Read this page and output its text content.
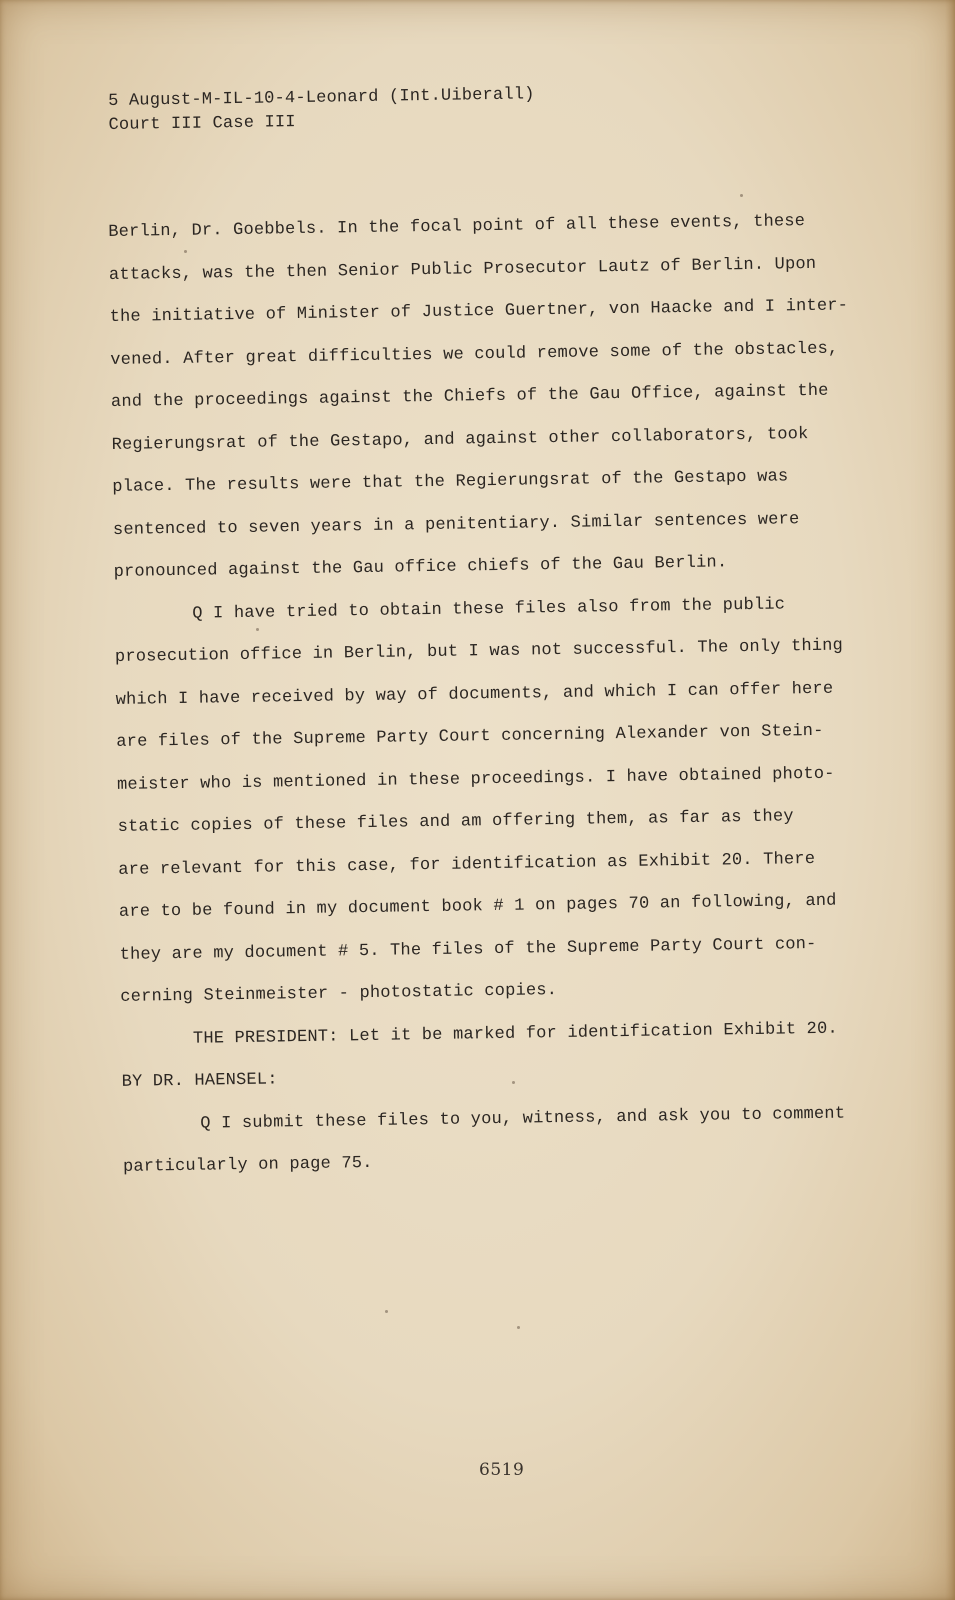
5 August-M-IL-10-4-Leonard (Int.Uiberall)
Court III Case III
Berlin, Dr. Goebbels. In the focal point of all these events, these
attacks, was the then Senior Public Prosecutor Lautz of Berlin. Upon
the initiative of Minister of Justice Guertner, von Haacke and I inter-
vened. After great difficulties we could remove some of the obstacles,
and the proceedings against the Chiefs of the Gau Office, against the
Regierungsrat of the Gestapo, and against other collaborators, took
place. The results were that the Regierungsrat of the Gestapo was
sentenced to seven years in a penitentiary. Similar sentences were
pronounced against the Gau office chiefs of the Gau Berlin.
Q I have tried to obtain these files also from the public
prosecution office in Berlin, but I was not successful. The only thing
which I have received by way of documents, and which I can offer here
are files of the Supreme Party Court concerning Alexander von Stein-
meister who is mentioned in these proceedings. I have obtained photo-
static copies of these files and am offering them, as far as they
are relevant for this case, for identification as Exhibit 20. There
are to be found in my document book # 1 on pages 70 an following, and
they are my document # 5. The files of the Supreme Party Court con-
cerning Steinmeister - photostatic copies.
THE PRESIDENT: Let it be marked for identification Exhibit 20.
BY DR. HAENSEL:
Q I submit these files to you, witness, and ask you to comment
particularly on page 75.
6519
